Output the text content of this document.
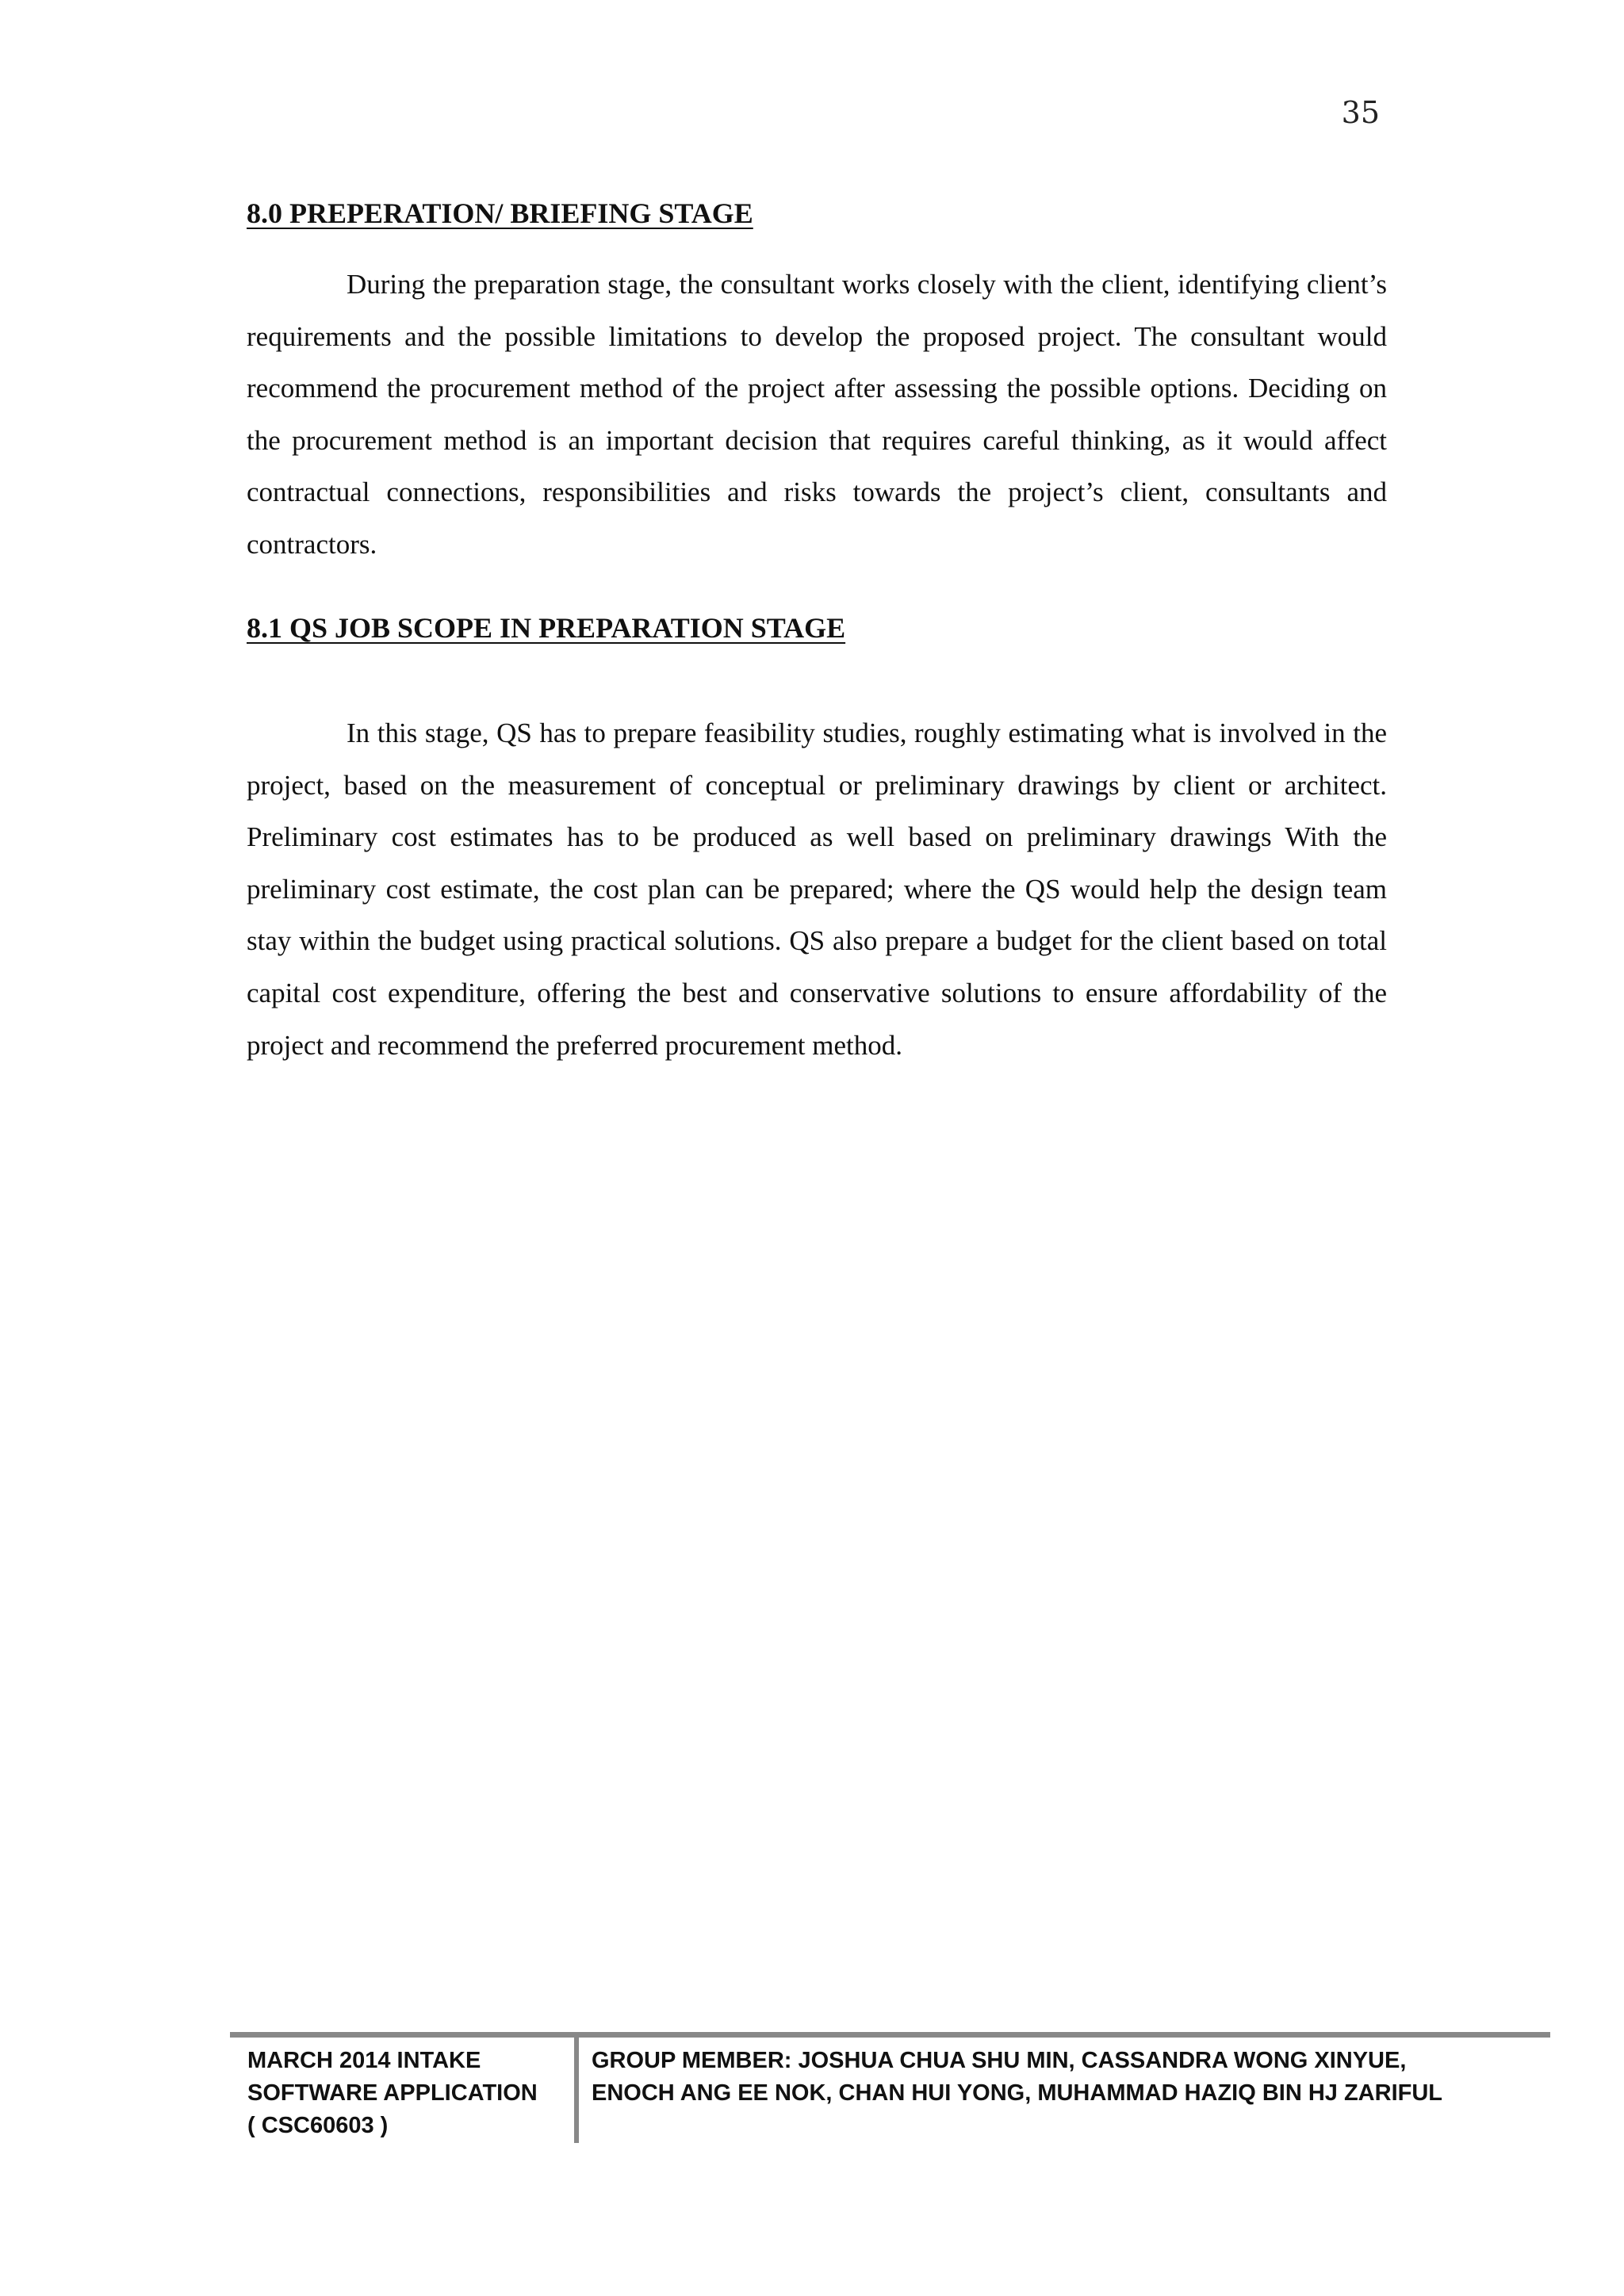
35
8.0 PREPERATION/ BRIEFING STAGE

During the preparation stage, the consultant works closely with the client, identifying client’s requirements and the possible limitations to develop the proposed project. The consultant would recommend the procurement method of the project after assessing the possible options. Deciding on the procurement method is an important decision that requires careful thinking, as it would affect contractual connections, responsibilities and risks towards the project’s client, consultants and contractors.

8.1 QS JOB SCOPE IN PREPARATION STAGE

In this stage, QS has to prepare feasibility studies, roughly estimating what is involved in the project, based on the measurement of conceptual or preliminary drawings by client or architect. Preliminary cost estimates has to be produced as well based on preliminary drawings With the preliminary cost estimate, the cost plan can be prepared; where the QS would help the design team stay within the budget using practical solutions. QS also prepare a budget for the client based on total capital cost expenditure, offering the best and conservative solutions to ensure affordability of the project and recommend the preferred procurement method.

MARCH 2014 INTAKE
SOFTWARE APPLICATION
( CSC60603 )
GROUP MEMBER: JOSHUA CHUA SHU MIN, CASSANDRA WONG XINYUE,
ENOCH ANG EE NOK, CHAN HUI YONG, MUHAMMAD HAZIQ BIN HJ ZARIFUL
